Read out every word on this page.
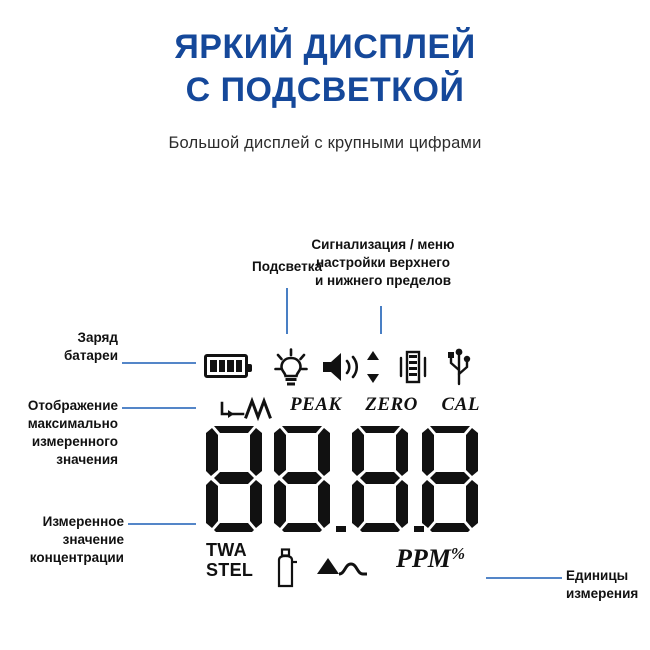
ЯРКИЙ ДИСПЛЕЙ
С ПОДСВЕТКОЙ
Большой дисплей с крупными цифрами
Подсветка
Сигнализация / меню
настройки верхнего
и нижнего пределов
Заряд
батареи
Отображение
максимально
измеренного
значения
Измеренное
значение
концентрации
Единицы
измерения
PEAK ZERO CAL
TWA
STEL	PPM%
